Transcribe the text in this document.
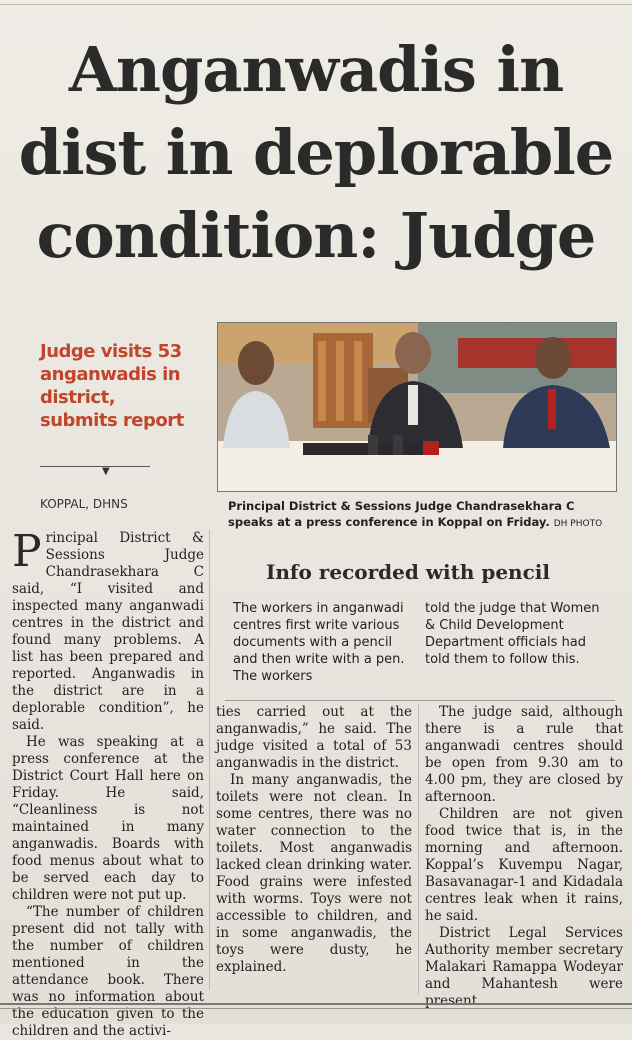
Anganwadis in
dist in deplorable
condition: Judge
Judge visits 53 anganwadis in district, submits report
▼
KOPPAL, DHNS	Principal District & Sessions Judge Chandrasekhara C speaks at a press conference in Koppal on Friday. DH PHOTO

Principal District & Sessions Judge Chandrasekhara C said, “I visited and inspected many anganwadi centres in the district and found many problems. A list has been prepared and reported. Anganwadis in the district are in a deplorable condition”, he said.

He was speaking at a press conference at the District Court Hall here on Friday. He said, “Cleanliness is not maintained in many anganwadis. Boards with food menus about what to be served each day to children were not put up.

“The number of children present did not tally with the number of children mentioned in the attendance book. There was no information about the education given to the children and the activi-

Info recorded with pencil
The workers in anganwadi centres first write various documents with a pencil and then write with a pen. The workers
told the judge that Women & Child Development Department officials had told them to follow this.

ties carried out at the anganwadis,” he said. The judge visited a total of 53 anganwadis in the district.

In many anganwadis, the toilets were not clean. In some centres, there was no water connection to the toilets. Most anganwadis lacked clean drinking water. Food grains were infested with worms. Toys were not accessible to children, and in some anganwadis, the toys were dusty, he explained.

The judge said, although there is a rule that anganwadi centres should be open from 9.30 am to 4.00 pm, they are closed by afternoon.

Children are not given food twice that is, in the morning and afternoon. Koppal’s Kuvempu Nagar, Basavanagar-1 and Kidadala centres leak when it rains, he said.

District Legal Services Authority member secretary Malakari Ramappa Wodeyar and Mahantesh were present.
